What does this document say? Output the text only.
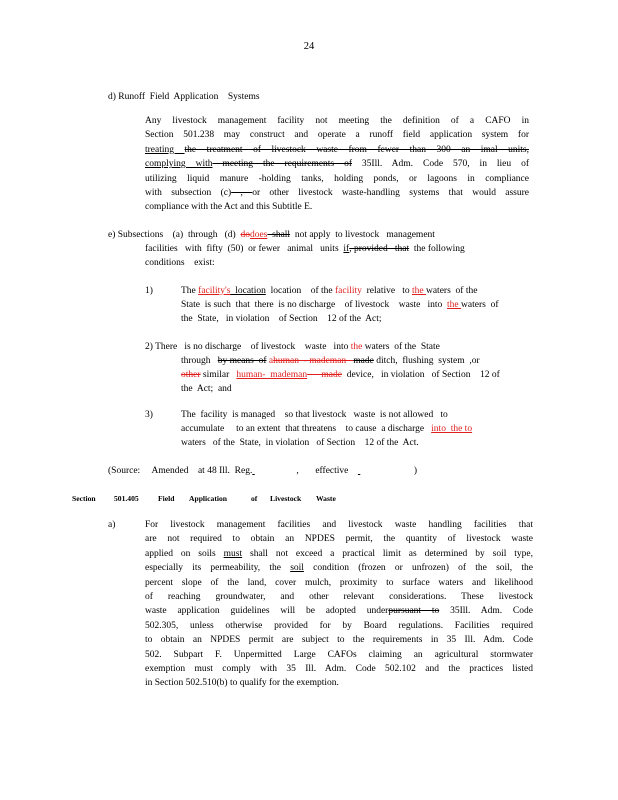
24
d) Runoff  Field  Application    Systems
Any livestock management facility not meeting the definition of a CAFO in
Section 501.238 may construct and operate a runoff field application system for
treating the treatment of livestock waste from fewer than 300 an imal units,
complying with meeting the requirements of 35Ill. Adm. Code 570, in lieu of
utilizing liquid manure -holding tanks, holding ponds, or lagoons in compliance
with subsection (c) , or other livestock waste-handling systems that would assure
compliance with the Act and this Subtitle E.
e) Subsections    (a)  through   (d)  dodoes  shall  not apply  to livestock   management
facilities   with  fifty  (50)  or fewer   animal   units  if, provided   that  the following
conditions    exist:
1)	The facility's  location  location    of the facility  relative   to the waters  of the
State  is such  that  there  is no discharge    of livestock    waste   into  the waters  of
the  State,   in violation    of Section    12 of the  Act;
2) There   is no discharge    of livestock    waste   into the waters  of the  State
through   by means  of ahuman  - mademan   made ditch,  flushing  system  ,or
other similar   human-  mademan      made  device,   in violation   of Section    12 of
the  Act;  and
3)	The  facility  is managed    so that livestock   waste  is not allowed   to
accumulate     to an extent  that threatens    to cause  a discharge   into  the to
waters   of the  State,  in violation   of Section    12 of the  Act.
(Source:     Amended    at 48 Ill.  Reg.	,       effective	)
Section 501.405	Field Application	of Livestock Waste
a)	For livestock management facilities and livestock waste handling facilities that
are not required to obtain an NPDES permit, the quantity of livestock waste
applied on soils must shall not exceed a practical limit as determined by soil type,
especially its permeability, the soil condition (frozen or unfrozen) of the soil, the
percent slope of the land, cover mulch, proximity to surface waters and likelihood
of reaching groundwater, and other relevant considerations. These livestock
waste application guidelines will be adopted underpursuant to 35Ill. Adm. Code
502.305, unless otherwise provided for by Board regulations. Facilities required
to obtain an NPDES permit are subject to the requirements in 35 Ill. Adm. Code
502. Subpart F. Unpermitted Large CAFOs claiming an agricultural stormwater
exemption must comply with 35 Ill. Adm. Code 502.102 and the practices listed
in Section 502.510(b) to qualify for the exemption.
